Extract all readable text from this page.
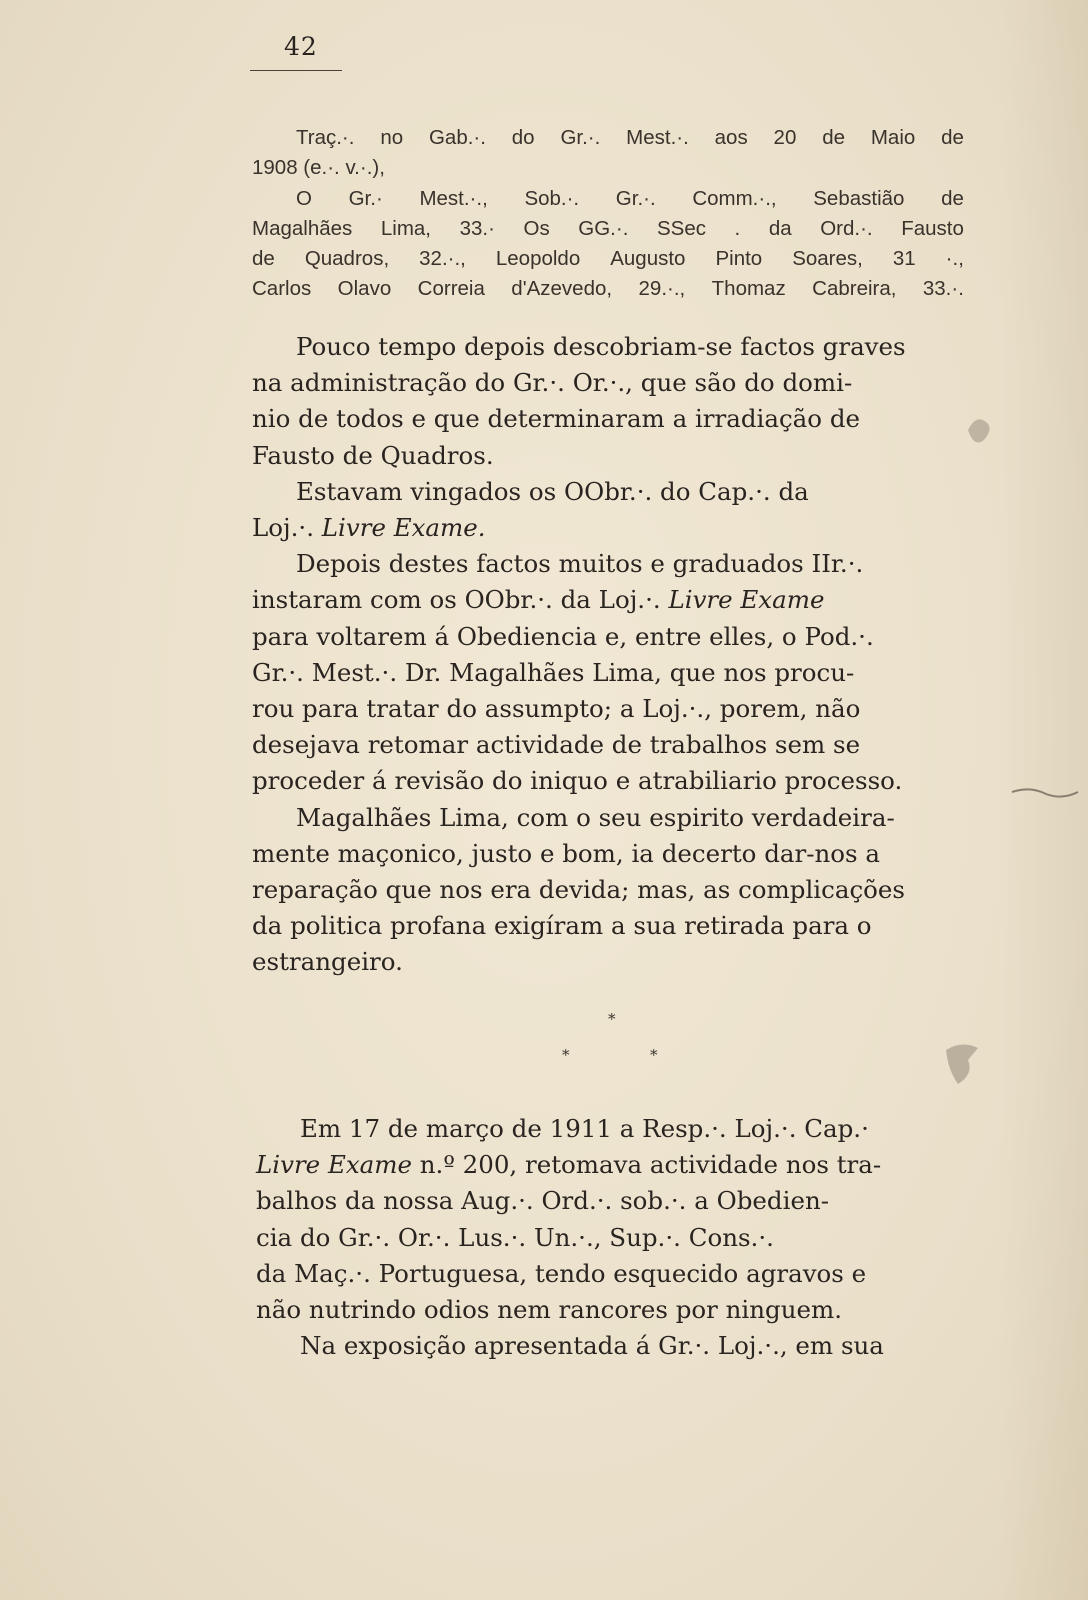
42
Traç.·. no Gab.·. do Gr.·. Mest.·. aos 20 de Maio de
1908 (e.·. v.·.),
O Gr.· Mest.·., Sob.·. Gr.·. Comm.·., Sebastião de
Magalhães Lima, 33.· Os GG.·. SSec . da Ord.·. Fausto
de Quadros, 32.·., Leopoldo Augusto Pinto Soares, 31 ·.,
Carlos Olavo Correia d'Azevedo, 29.·., Thomaz Cabreira, 33.·.
Pouco tempo depois descobriam-se factos graves
na administração do Gr.·. Or.·., que são do domi-
nio de todos e que determinaram a irradiação de
Fausto de Quadros.
Estavam vingados os OObr.·. do Cap.·. da
Loj.·. Livre Exame.
Depois destes factos muitos e graduados IIr.·.
instaram com os OObr.·. da Loj.·. Livre Exame
para voltarem á Obediencia e, entre elles, o Pod.·.
Gr.·. Mest.·. Dr. Magalhães Lima, que nos procu-
rou para tratar do assumpto; a Loj.·., porem, não
desejava retomar actividade de trabalhos sem se
proceder á revisão do iniquo e atrabiliario processo.
Magalhães Lima, com o seu espirito verdadeira-
mente maçonico, justo e bom, ia decerto dar-nos a
reparação que nos era devida; mas, as complicações
da politica profana exigíram a sua retirada para o
estrangeiro.
*
*	*
Em 17 de março de 1911 a Resp.·. Loj.·. Cap.·
Livre Exame n.º 200, retomava actividade nos tra-
balhos da nossa Aug.·. Ord.·. sob.·. a Obedien-
cia do Gr.·. Or.·. Lus.·. Un.·., Sup.·. Cons.·.
da Maç.·. Portuguesa, tendo esquecido agravos e
não nutrindo odios nem rancores por ninguem.
Na exposição apresentada á Gr.·. Loj.·., em sua
